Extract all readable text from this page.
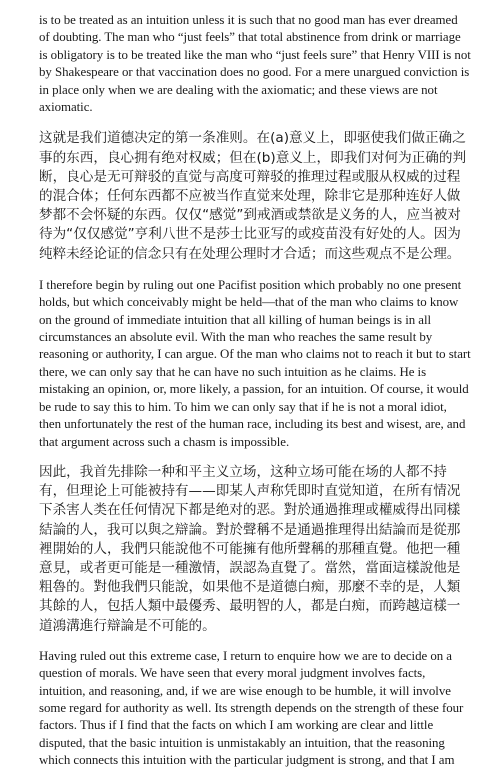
is to be treated as an intuition unless it is such that no good man has ever dreamed of doubting. The man who “just feels” that total abstinence from drink or marriage is obligatory is to be treated like the man who “just feels sure” that Henry VIII is not by Shakespeare or that vaccination does no good. For a mere unargued conviction is in place only when we are dealing with the axiomatic; and these views are not axiomatic.

这就是我们道德决定的第一条准则。在(a)意义上，即驱使我们做正确之事的东西，良心拥有绝对权威；但在(b)意义上，即我们对何为正确的判断，良心是无可辩驳的直觉与高度可辩驳的推理过程或服从权威的过程的混合体；任何东西都不应被当作直觉来处理，除非它是那种连好人做梦都不会怀疑的东西。仅仅“感觉”到戒酒或禁欲是义务的人，应当被对待为“仅仅感觉”亨利八世不是莎士比亚写的或疫苗没有好处的人。因为纯粹未经论证的信念只有在处理公理时才合适；而这些观点不是公理。

I therefore begin by ruling out one Pacifist position which probably no one present holds, but which conceivably might be held—that of the man who claims to know on the ground of immediate intuition that all killing of human beings is in all circumstances an absolute evil. With the man who reaches the same result by reasoning or authority, I can argue. Of the man who claims not to reach it but to start there, we can only say that he can have no such intuition as he claims. He is mistaking an opinion, or, more likely, a passion, for an intuition. Of course, it would be rude to say this to him. To him we can only say that if he is not a moral idiot, then unfortunately the rest of the human race, including its best and wisest, are, and that argument across such a chasm is impossible.

因此，我首先排除一种和平主义立场，这种立场可能在场的人都不持有，但理论上可能被持有——即某人声称凭即时直觉知道，在所有情况下杀害人类在任何情况下都是绝对的恶。對於通過推理或權威得出同樣結論的人，我可以與之辯論。對於聲稱不是通過推理得出結論而是從那裡開始的人，我們只能說他不可能擁有他所聲稱的那種直覺。他把一種意見，或者更可能是一種激情，誤認為直覺了。當然，當面這樣說他是粗魯的。對他我們只能說，如果他不是道德白痴，那麼不幸的是，人類其餘的人，包括人類中最優秀、最明智的人，都是白痴，而跨越這樣一道鴻溝進行辯論是不可能的。

Having ruled out this extreme case, I return to enquire how we are to decide on a question of morals. We have seen that every moral judgment involves facts, intuition, and reasoning, and, if we are wise enough to be humble, it will involve some regard for authority as well. Its strength depends on the strength of these four factors. Thus if I find that the facts on which I am working are clear and little disputed, that the basic intuition is unmistakably an intuition, that the reasoning which connects this intuition with the particular judgment is strong, and that I am
